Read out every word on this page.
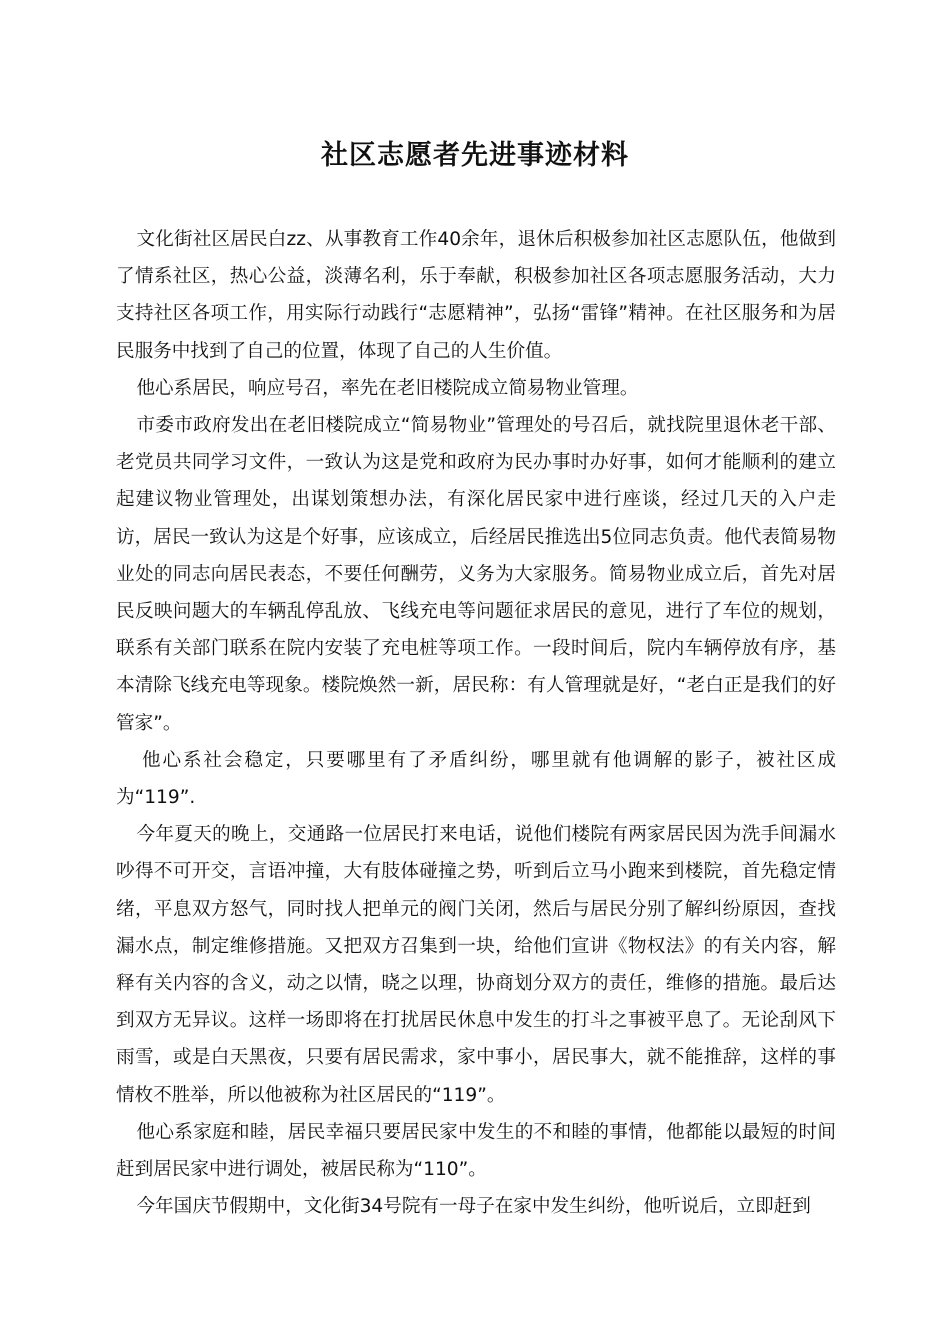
社区志愿者先进事迹材料

文化街社区居民白zz、从事教育工作40余年，退休后积极参加社区志愿队伍，他做到了情系社区，热心公益，淡薄名利，乐于奉献，积极参加社区各项志愿服务活动，大力支持社区各项工作，用实际行动践行“志愿精神”，弘扬“雷锋”精神。在社区服务和为居民服务中找到了自己的位置，体现了自己的人生价值。

他心系居民，响应号召，率先在老旧楼院成立简易物业管理。

市委市政府发出在老旧楼院成立“简易物业”管理处的号召后，就找院里退休老干部、老党员共同学习文件，一致认为这是党和政府为民办事时办好事，如何才能顺利的建立起建议物业管理处，出谋划策想办法，有深化居民家中进行座谈，经过几天的入户走访，居民一致认为这是个好事，应该成立，后经居民推选出5位同志负责。他代表简易物业处的同志向居民表态，不要任何酬劳，义务为大家服务。简易物业成立后，首先对居民反映问题大的车辆乱停乱放、飞线充电等问题征求居民的意见，进行了车位的规划，联系有关部门联系在院内安装了充电桩等项工作。一段时间后，院内车辆停放有序，基本清除飞线充电等现象。楼院焕然一新，居民称：有人管理就是好，“老白正是我们的好管家”。

他心系社会稳定，只要哪里有了矛盾纠纷，哪里就有他调解的影子，被社区成为“119”.

今年夏天的晚上，交通路一位居民打来电话，说他们楼院有两家居民因为洗手间漏水吵得不可开交，言语冲撞，大有肢体碰撞之势，听到后立马小跑来到楼院，首先稳定情绪，平息双方怒气，同时找人把单元的阀门关闭，然后与居民分别了解纠纷原因，查找漏水点，制定维修措施。又把双方召集到一块，给他们宣讲《物权法》的有关内容，解释有关内容的含义，动之以情，晓之以理，协商划分双方的责任，维修的措施。最后达到双方无异议。这样一场即将在打扰居民休息中发生的打斗之事被平息了。无论刮风下雨雪，或是白天黑夜，只要有居民需求，家中事小，居民事大，就不能推辞，这样的事情枚不胜举，所以他被称为社区居民的“119”。

他心系家庭和睦，居民幸福只要居民家中发生的不和睦的事情，他都能以最短的时间赶到居民家中进行调处，被居民称为“110”。

今年国庆节假期中，文化街34号院有一母子在家中发生纠纷，他听说后，立即赶到
